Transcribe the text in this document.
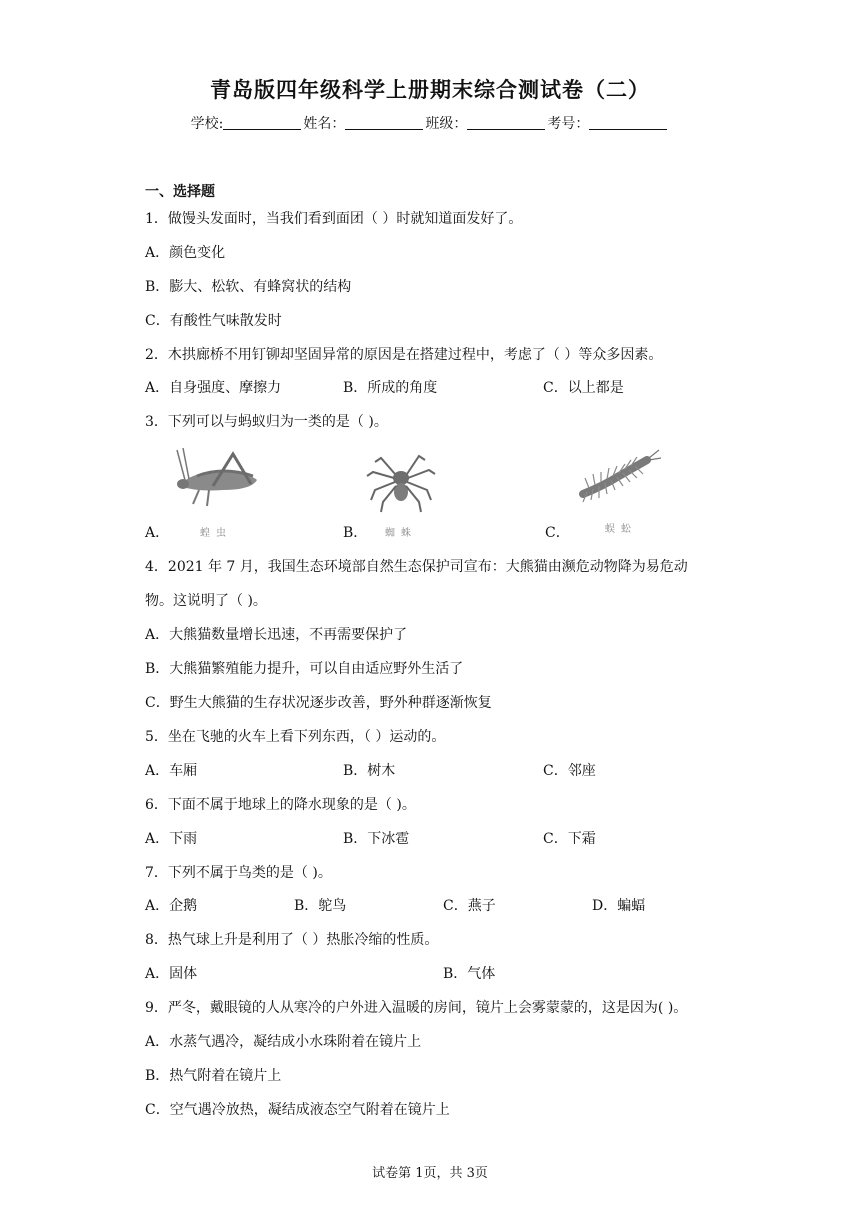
青岛版四年级科学上册期末综合测试卷（二）
学校:	姓名：	班级：	考号：
一、选择题
1．做馒头发面时，当我们看到面团（ ）时就知道面发好了。
A．颜色变化
B．膨大、松软、有蜂窝状的结构
C．有酸性气味散发时
2．木拱廊桥不用钉铆却坚固异常的原因是在搭建过程中，考虑了（ ）等众多因素。
A．自身强度、摩擦力	B．所成的角度	C．以上都是
3．下列可以与蚂蚁归为一类的是（ )。
A．	蝗虫	B． 蜘蛛	C．	蜈蚣
4．2021 年 7 月，我国生态环境部自然生态保护司宣布：大熊猫由濒危动物降为易危动
物。这说明了（ )。
A．大熊猫数量增长迅速，不再需要保护了
B．大熊猫繁殖能力提升，可以自由适应野外生活了
C．野生大熊猫的生存状况逐步改善，野外种群逐渐恢复
5．坐在飞驰的火车上看下列东西，（ ）运动的。
A．车厢	B．树木	C．邻座
6．下面不属于地球上的降水现象的是（ )。
A．下雨	B．下冰雹	C．下霜
7．下列不属于鸟类的是（ )。
A．企鹅	B．鸵鸟	C．燕子	D．蝙蝠
8．热气球上升是利用了（ ）热胀冷缩的性质。
A．固体	B．气体
9．严冬，戴眼镜的人从寒冷的户外进入温暖的房间，镜片上会雾蒙蒙的，这是因为( )。
A．水蒸气遇冷，凝结成小水珠附着在镜片上
B．热气附着在镜片上
C．空气遇冷放热，凝结成液态空气附着在镜片上
试卷第 1页，共 3页
